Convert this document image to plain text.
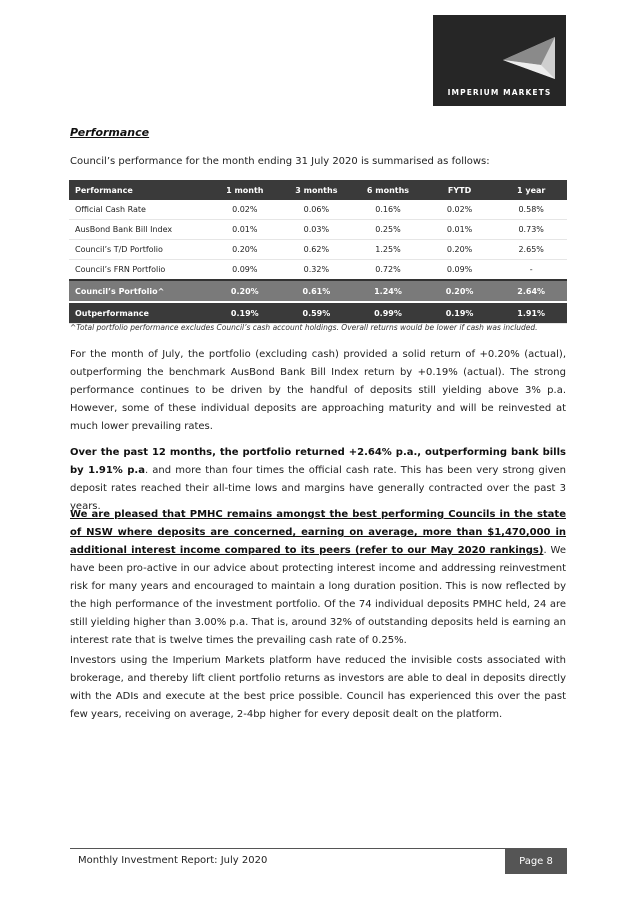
IMPERIUM MARKETS
Performance
Council’s performance for the month ending 31 July 2020 is summarised as follows:
Performance	1 month	3 months	6 months	FYTD	1 year
Official Cash Rate	0.02%	0.06%	0.16%	0.02%	0.58%
AusBond Bank Bill Index	0.01%	0.03%	0.25%	0.01%	0.73%
Council’s T/D Portfolio	0.20%	0.62%	1.25%	0.20%	2.65%
Council’s FRN Portfolio	0.09%	0.32%	0.72%	0.09%	-
Council’s Portfolio^	0.20%	0.61%	1.24%	0.20%	2.64%
Outperformance	0.19%	0.59%	0.99%	0.19%	1.91%
^Total portfolio performance excludes Council’s cash account holdings. Overall returns would be lower if cash was included.
For the month of July, the portfolio (excluding cash) provided a solid return of +0.20% (actual), outperforming the benchmark AusBond Bank Bill Index return by +0.19% (actual). The strong performance continues to be driven by the handful of deposits still yielding above 3% p.a. However, some of these individual deposits are approaching maturity and will be reinvested at much lower prevailing rates.
Over the past 12 months, the portfolio returned +2.64% p.a., outperforming bank bills by 1.91% p.a. and more than four times the official cash rate. This has been very strong given deposit rates reached their all-time lows and margins have generally contracted over the past 3 years.
We are pleased that PMHC remains amongst the best performing Councils in the state of NSW where deposits are concerned, earning on average, more than $1,470,000 in additional interest income compared to its peers (refer to our May 2020 rankings). We have been pro-active in our advice about protecting interest income and addressing reinvestment risk for many years and encouraged to maintain a long duration position. This is now reflected by the high performance of the investment portfolio. Of the 74 individual deposits PMHC held, 24 are still yielding higher than 3.00% p.a. That is, around 32% of outstanding deposits held is earning an interest rate that is twelve times the prevailing cash rate of 0.25%.
Investors using the Imperium Markets platform have reduced the invisible costs associated with brokerage, and thereby lift client portfolio returns as investors are able to deal in deposits directly with the ADIs and execute at the best price possible. Council has experienced this over the past few years, receiving on average, 2-4bp higher for every deposit dealt on the platform.
Monthly Investment Report: July 2020	Page 8
